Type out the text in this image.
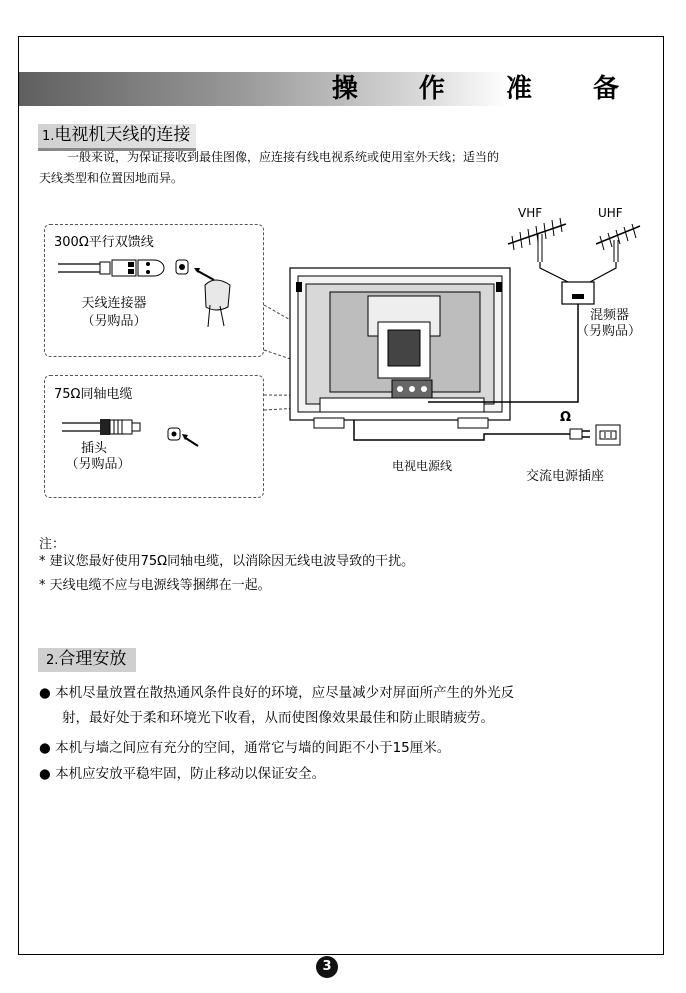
操 作 准 备
1.电视机天线的连接
一般来说，为保证接收到最佳图像，应连接有线电视系统或使用室外天线；适当的
天线类型和位置因地而异。
300Ω平行双馈线
天线连接器
（另购品）
75Ω同轴电缆
插头
（另购品）
VHF	UHF
混频器
（另购品）
Ω
电视电源线
交流电源插座
注：
* 建议您最好使用75Ω同轴电缆，以消除因无线电波导致的干扰。
* 天线电缆不应与电源线等捆绑在一起。
2.合理安放
● 本机尽量放置在散热通风条件良好的环境，应尽量减少对屏面所产生的外光反
射，最好处于柔和环境光下收看，从而使图像效果最佳和防止眼睛疲劳。
● 本机与墙之间应有充分的空间，通常它与墙的间距不小于15厘米。
● 本机应安放平稳牢固，防止移动以保证安全。
3
